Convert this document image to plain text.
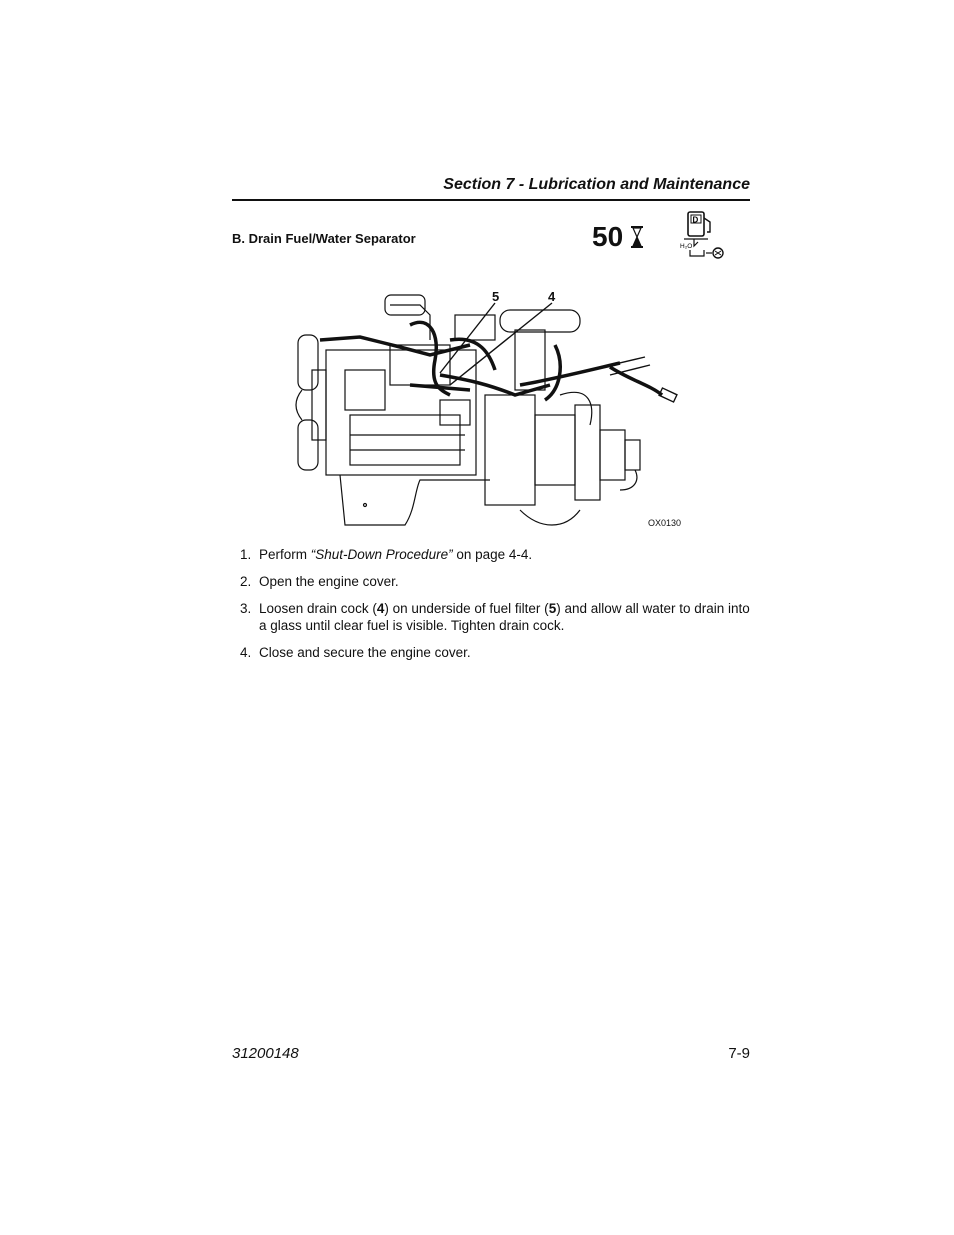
Section 7 - Lubrication and Maintenance
B. Drain Fuel/Water Separator	50
D
H₂O
5	4
OX0130
1. Perform “Shut-Down Procedure” on page 4-4.
2. Open the engine cover.
3. Loosen drain cock (4) on underside of fuel filter (5) and allow all water to drain into a glass until clear fuel is visible. Tighten drain cock.
4. Close and secure the engine cover.
31200148	7-9
